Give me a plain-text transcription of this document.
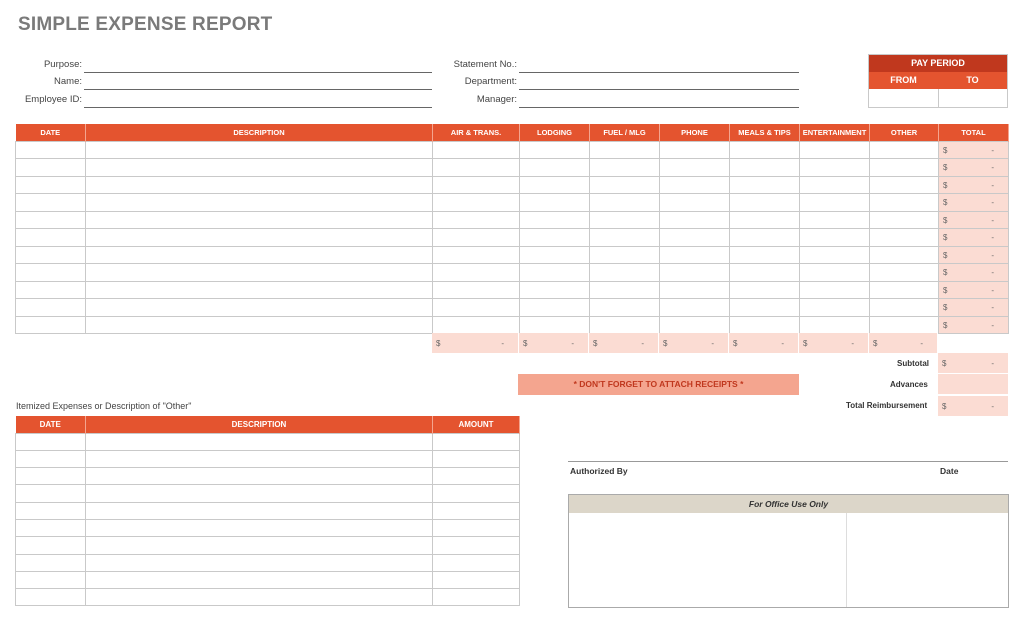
SIMPLE EXPENSE REPORT
Purpose:
Name:
Employee ID:
Statement No.:
Department:
Manager:
PAY PERIOD
FROM	TO
DATE	DESCRIPTION	AIR & TRANS.	LODGING	FUEL / MLG	PHONE	MEALS & TIPS	ENTERTAINMENT	OTHER	TOTAL

									$ -

									$ -

									$ -

									$ -

									$ -

									$ -

									$ -

									$ -

									$ -

									$ -

									$ -
$	- $	- $	- $	- $	- $	- $	-
Subtotal $	-
Advances
Total Reimbursement $	-
* DON'T FORGET TO ATTACH RECEIPTS *
Itemized Expenses or Description of "Other"
DATE	DESCRIPTION	AMOUNT

Authorized By	Date
For Office Use Only
